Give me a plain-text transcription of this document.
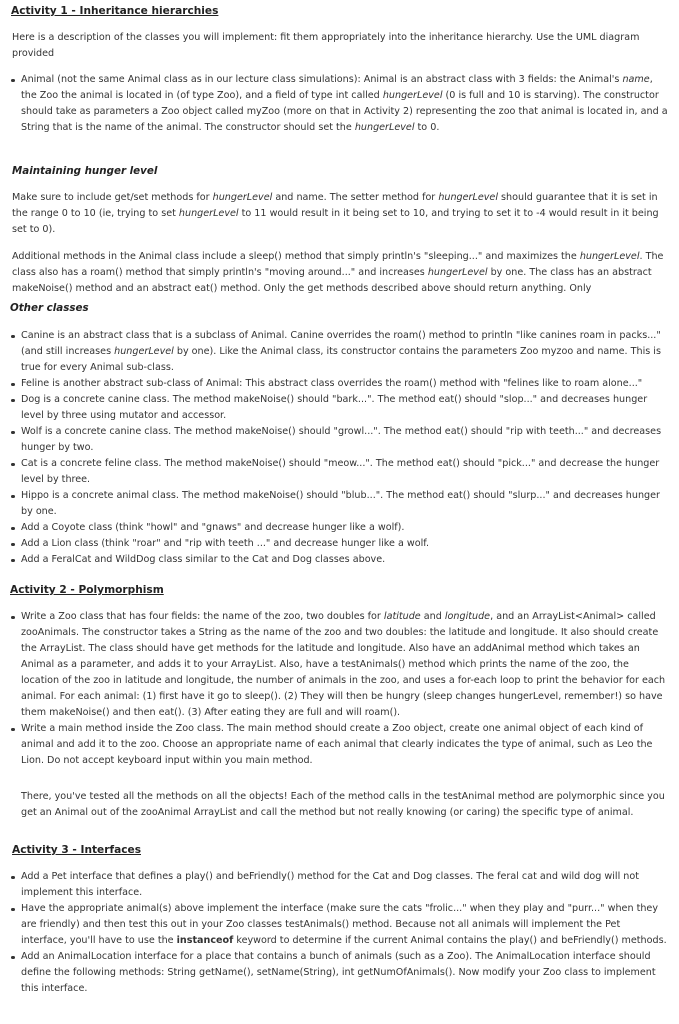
Activity 1 - Inheritance hierarchies

Here is a description of the classes you will implement: fit them appropriately into the inheritance hierarchy. Use the UML diagram provided

Animal (not the same Animal class as in our lecture class simulations): Animal is an abstract class with 3 fields: the Animal's name, the Zoo the animal is located in (of type Zoo), and a field of type int called hungerLevel (0 is full and 10 is starving). The constructor should take as parameters a Zoo object called myZoo (more on that in Activity 2) representing the zoo that animal is located in, and a String that is the name of the animal. The constructor should set the hungerLevel to 0.
Maintaining hunger level

Make sure to include get/set methods for hungerLevel and name. The setter method for hungerLevel should guarantee that it is set in the range 0 to 10 (ie, trying to set hungerLevel to 11 would result in it being set to 10, and trying to set it to -4 would result in it being set to 0).

Additional methods in the Animal class include a sleep() method that simply println's "sleeping..." and maximizes the hungerLevel. The class also has a roam() method that simply println's "moving around..." and increases hungerLevel by one. The class has an abstract makeNoise() method and an abstract eat() method. Only the get methods described above should return anything. Only

Other classes
Canine is an abstract class that is a subclass of Animal. Canine overrides the roam() method to println "like canines roam in packs..." (and still increases hungerLevel by one). Like the Animal class, its constructor contains the parameters Zoo myzoo and name. This is true for every Animal sub-class.
Feline is another abstract sub-class of Animal: This abstract class overrides the roam() method with "felines like to roam alone..."
Dog is a concrete canine class. The method makeNoise() should "bark...". The method eat() should "slop..." and decreases hunger level by three using mutator and accessor.
Wolf is a concrete canine class. The method makeNoise() should "growl...". The method eat() should "rip with teeth..." and decreases hunger by two.
Cat is a concrete feline class. The method makeNoise() should "meow...". The method eat() should "pick..." and decrease the hunger level by three.
Hippo is a concrete animal class. The method makeNoise() should "blub...". The method eat() should "slurp..." and decreases hunger by one.
Add a Coyote class (think "howl" and "gnaws" and decrease hunger like a wolf).
Add a Lion class (think "roar" and "rip with teeth ..." and decrease hunger like a wolf.
Add a FeralCat and WildDog class similar to the Cat and Dog classes above.
Activity 2 - Polymorphism
Write a Zoo class that has four fields: the name of the zoo, two doubles for latitude and longitude, and an ArrayList<Animal> called zooAnimals. The constructor takes a String as the name of the zoo and two doubles: the latitude and longitude. It also should create the ArrayList. The class should have get methods for the latitude and longitude. Also have an addAnimal method which takes an Animal as a parameter, and adds it to your ArrayList. Also, have a testAnimals() method which prints the name of the zoo, the location of the zoo in latitude and longitude, the number of animals in the zoo, and uses a for-each loop to print the behavior for each animal. For each animal: (1) first have it go to sleep(). (2) They will then be hungry (sleep changes hungerLevel, remember!) so have them makeNoise() and then eat(). (3) After eating they are full and will roam().
Write a main method inside the Zoo class. The main method should create a Zoo object, create one animal object of each kind of animal and add it to the zoo. Choose an appropriate name of each animal that clearly indicates the type of animal, such as Leo the Lion. Do not accept keyboard input within you main method.

There, you've tested all the methods on all the objects! Each of the method calls in the testAnimal method are polymorphic since you get an Animal out of the zooAnimal ArrayList and call the method but not really knowing (or caring) the specific type of animal.

Activity 3 - Interfaces
Add a Pet interface that defines a play() and beFriendly() method for the Cat and Dog classes. The feral cat and wild dog will not implement this interface.
Have the appropriate animal(s) above implement the interface (make sure the cats "frolic..." when they play and "purr..." when they are friendly) and then test this out in your Zoo classes testAnimals() method. Because not all animals will implement the Pet interface, you'll have to use the instanceof keyword to determine if the current Animal contains the play() and beFriendly() methods.
Add an AnimalLocation interface for a place that contains a bunch of animals (such as a Zoo). The AnimalLocation interface should define the following methods: String getName(), setName(String), int getNumOfAnimals(). Now modify your Zoo class to implement this interface.
